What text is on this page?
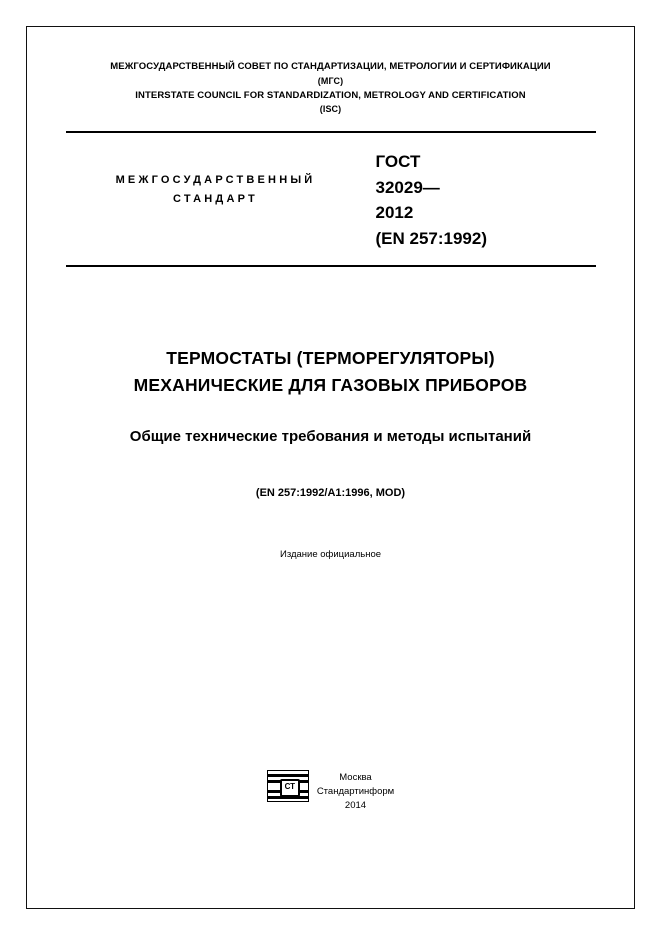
МЕЖГОСУДАРСТВЕННЫЙ СОВЕТ ПО СТАНДАРТИЗАЦИИ, МЕТРОЛОГИИ И СЕРТИФИКАЦИИ
(МГС)
INTERSTATE COUNCIL FOR STANDARDIZATION, METROLOGY AND CERTIFICATION
(ISC)
МЕЖГОСУДАРСТВЕННЫЙ
СТАНДАРТ
ГОСТ
32029—
2012
(EN 257:1992)
ТЕРМОСТАТЫ (ТЕРМОРЕГУЛЯТОРЫ)
МЕХАНИЧЕСКИЕ ДЛЯ ГАЗОВЫХ ПРИБОРОВ
Общие технические требования и методы испытаний
(EN 257:1992/A1:1996, MOD)
Издание официальное
СТ
Москва
Стандартинформ
2014
